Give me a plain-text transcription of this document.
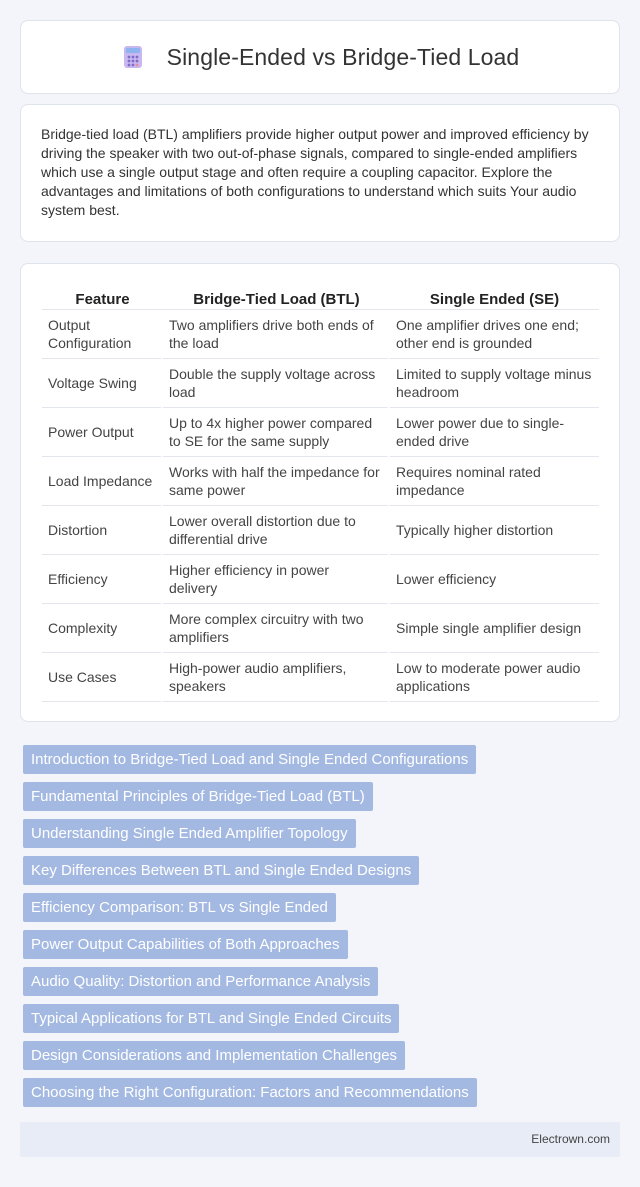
Single-Ended vs Bridge-Tied Load

Bridge-tied load (BTL) amplifiers provide higher output power and improved efficiency by driving the speaker with two out-of-phase signals, compared to single-ended amplifiers which use a single output stage and often require a coupling capacitor. Explore the advantages and limitations of both configurations to understand which suits Your audio system best.

Feature	Bridge-Tied Load (BTL)	Single Ended (SE)
Output Configuration	Two amplifiers drive both ends of the load	One amplifier drives one end; other end is grounded
Voltage Swing	Double the supply voltage across load	Limited to supply voltage minus headroom
Power Output	Up to 4x higher power compared to SE for the same supply	Lower power due to single-ended drive
Load Impedance	Works with half the impedance for same power	Requires nominal rated impedance
Distortion	Lower overall distortion due to differential drive	Typically higher distortion
Efficiency	Higher efficiency in power delivery	Lower efficiency
Complexity	More complex circuitry with two amplifiers	Simple single amplifier design
Use Cases	High-power audio amplifiers, speakers	Low to moderate power audio applications
Introduction to Bridge-Tied Load and Single Ended Configurations
Fundamental Principles of Bridge-Tied Load (BTL)
Understanding Single Ended Amplifier Topology
Key Differences Between BTL and Single Ended Designs
Efficiency Comparison: BTL vs Single Ended
Power Output Capabilities of Both Approaches
Audio Quality: Distortion and Performance Analysis
Typical Applications for BTL and Single Ended Circuits
Design Considerations and Implementation Challenges
Choosing the Right Configuration: Factors and Recommendations
Electrown.com
